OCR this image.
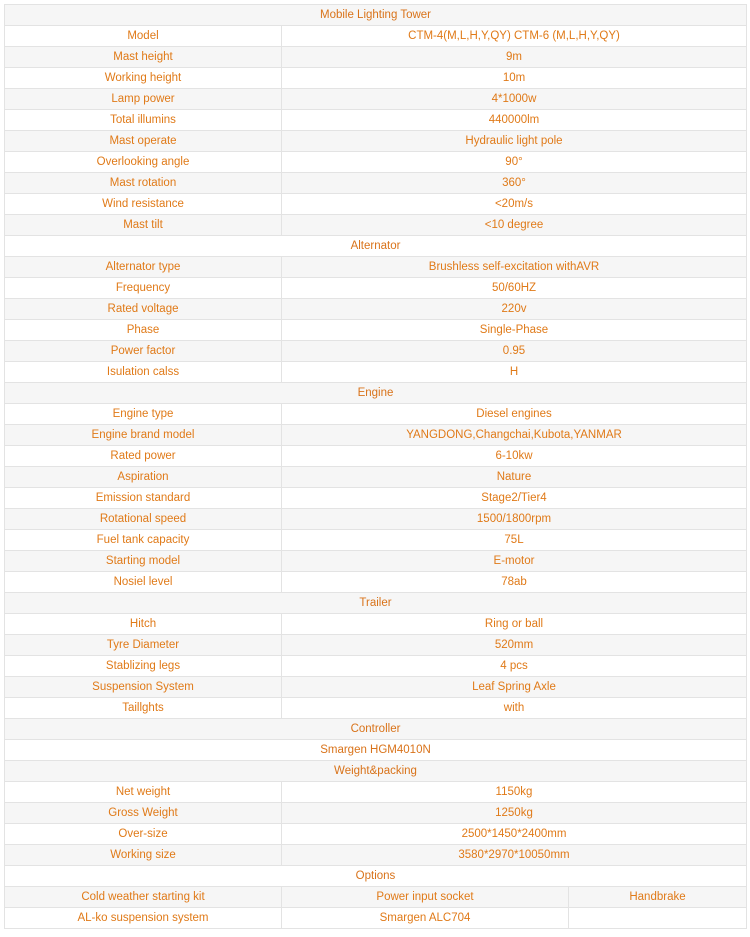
Mobile Lighting Tower		
Model	CTM-4(M,L,H,Y,QY) CTM-6 (M,L,H,Y,QY)	
Mast height	9m	
Working height	10m	
Lamp power	4*1000w	
Total illumins	440000lm	
Mast operate	Hydraulic light pole	
Overlooking angle	90°	
Mast rotation	360°	
Wind resistance	<20m/s	
Mast tilt	<10 degree	
Alternator		
Alternator type	Brushless self-excitation withAVR	
Frequency	50/60HZ	
Rated voltage	220v	
Phase	Single-Phase	
Power factor	0.95	
Isulation calss	H	
Engine		
Engine type	Diesel engines	
Engine brand model	YANGDONG,Changchai,Kubota,YANMAR	
Rated power	6-10kw	
Aspiration	Nature	
Emission standard	Stage2/Tier4	
Rotational speed	1500/1800rpm	
Fuel tank capacity	75L	
Starting model	E-motor	
Nosiel level	78ab	
Trailer		
Hitch	Ring or ball	
Tyre Diameter	520mm	
Stablizing legs	4 pcs	
Suspension System	Leaf Spring Axle	
Taillghts	with	
Controller		
Smargen HGM4010N		
Weight&packing		
Net weight	1150kg	
Gross Weight	1250kg	
Over-size	2500*1450*2400mm	
Working size	3580*2970*10050mm	
Options		
Cold weather starting kit	Power input socket	Handbrake
AL-ko suspension system	Smargen ALC704	
